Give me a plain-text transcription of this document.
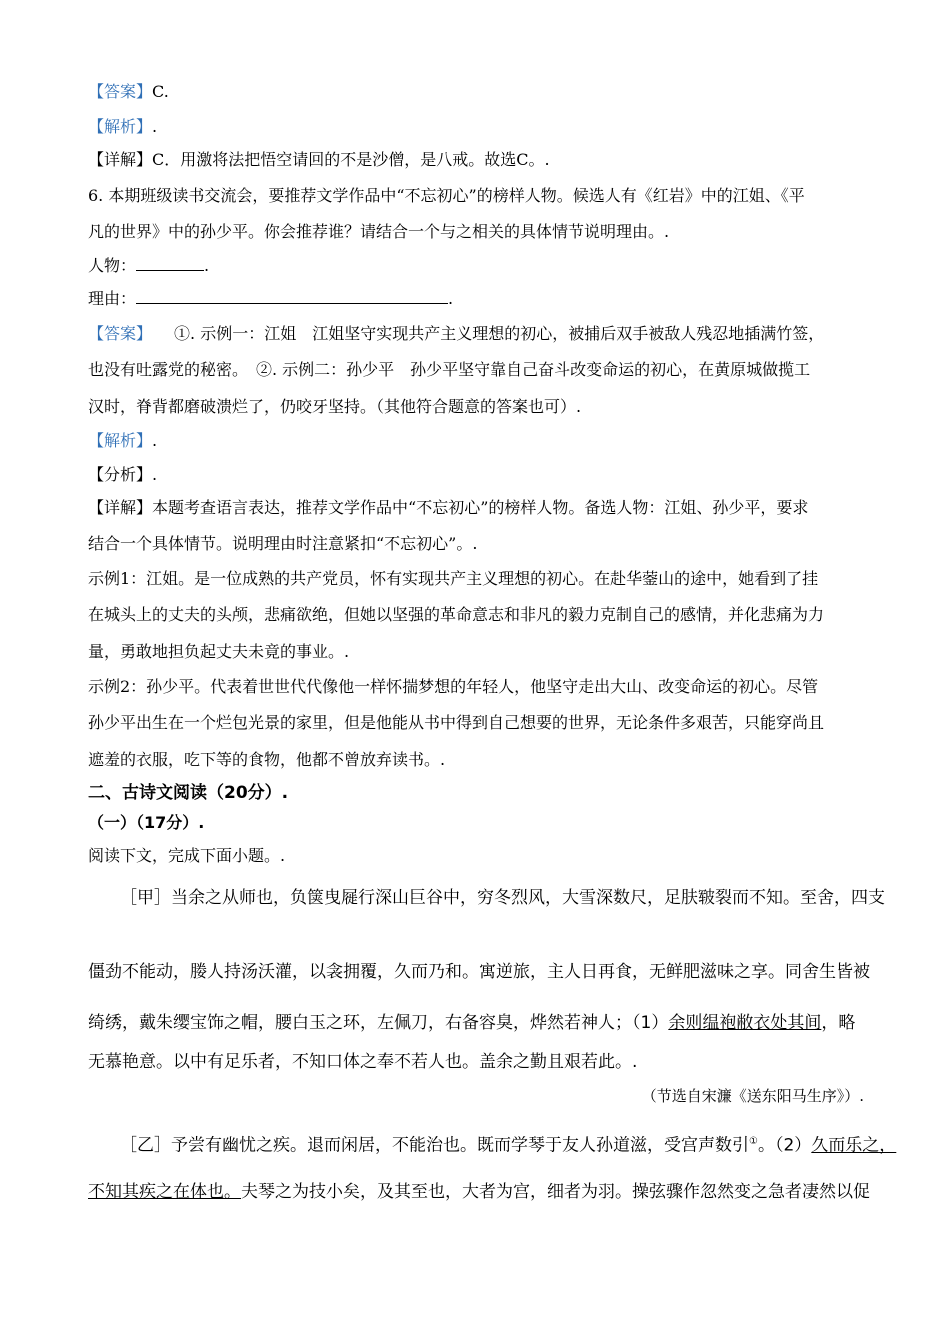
【答案】C.
【解析】.
【详解】C．用激将法把悟空请回的不是沙僧，是八戒。故选C。.
6. 本期班级读书交流会，要推荐文学作品中“不忘初心”的榜样人物。候选人有《红岩》中的江姐、《平
凡的世界》中的孙少平。你会推荐谁？请结合一个与之相关的具体情节说明理由。.
人物：	.
理由：	.
【答案】 ①. 示例一：江姐　江姐坚守实现共产主义理想的初心，被捕后双手被敌人残忍地插满竹签，
也没有吐露党的秘密。　②. 示例二：孙少平　孙少平坚守靠自己奋斗改变命运的初心，在黄原城做揽工
汉时，脊背都磨破溃烂了，仍咬牙坚持。（其他符合题意的答案也可）.
【解析】.
【分析】.
【详解】本题考查语言表达，推荐文学作品中“不忘初心”的榜样人物。备选人物：江姐、孙少平，要求
结合一个具体情节。说明理由时注意紧扣“不忘初心”。.
示例1：江姐。是一位成熟的共产党员，怀有实现共产主义理想的初心。在赴华蓥山的途中，她看到了挂
在城头上的丈夫的头颅，悲痛欲绝，但她以坚强的革命意志和非凡的毅力克制自己的感情，并化悲痛为力
量，勇敢地担负起丈夫未竟的事业。.
示例2：孙少平。代表着世世代代像他一样怀揣梦想的年轻人，他坚守走出大山、改变命运的初心。尽管
孙少平出生在一个烂包光景的家里，但是他能从书中得到自己想要的世界，无论条件多艰苦，只能穿尚且
遮羞的衣服，吃下等的食物，他都不曾放弃读书。.
二、古诗文阅读（20分）.
（一）（17分）.
阅读下文，完成下面小题。.
［甲］当余之从师也，负箧曳屣行深山巨谷中，穷冬烈风，大雪深数尺，足肤皲裂而不知。至舍，四支
僵劲不能动，媵人持汤沃灌，以衾拥覆，久而乃和。寓逆旅，主人日再食，无鲜肥滋味之享。同舍生皆被
绮绣，戴朱缨宝饰之帽，腰白玉之环，左佩刀，右备容臭，烨然若神人；（1）余则缊袍敝衣处其间，略
无慕艳意。以中有足乐者，不知口体之奉不若人也。盖余之勤且艰若此。.
（节选自宋濂《送东阳马生序》）.
［乙］予尝有幽忧之疾。退而闲居，不能治也。既而学琴于友人孙道滋，受宫声数引①。（2）久而乐之，
不知其疾之在体也。夫琴之为技小矣，及其至也，大者为宫，细者为羽。操弦骤作忽然变之急者凄然以促
